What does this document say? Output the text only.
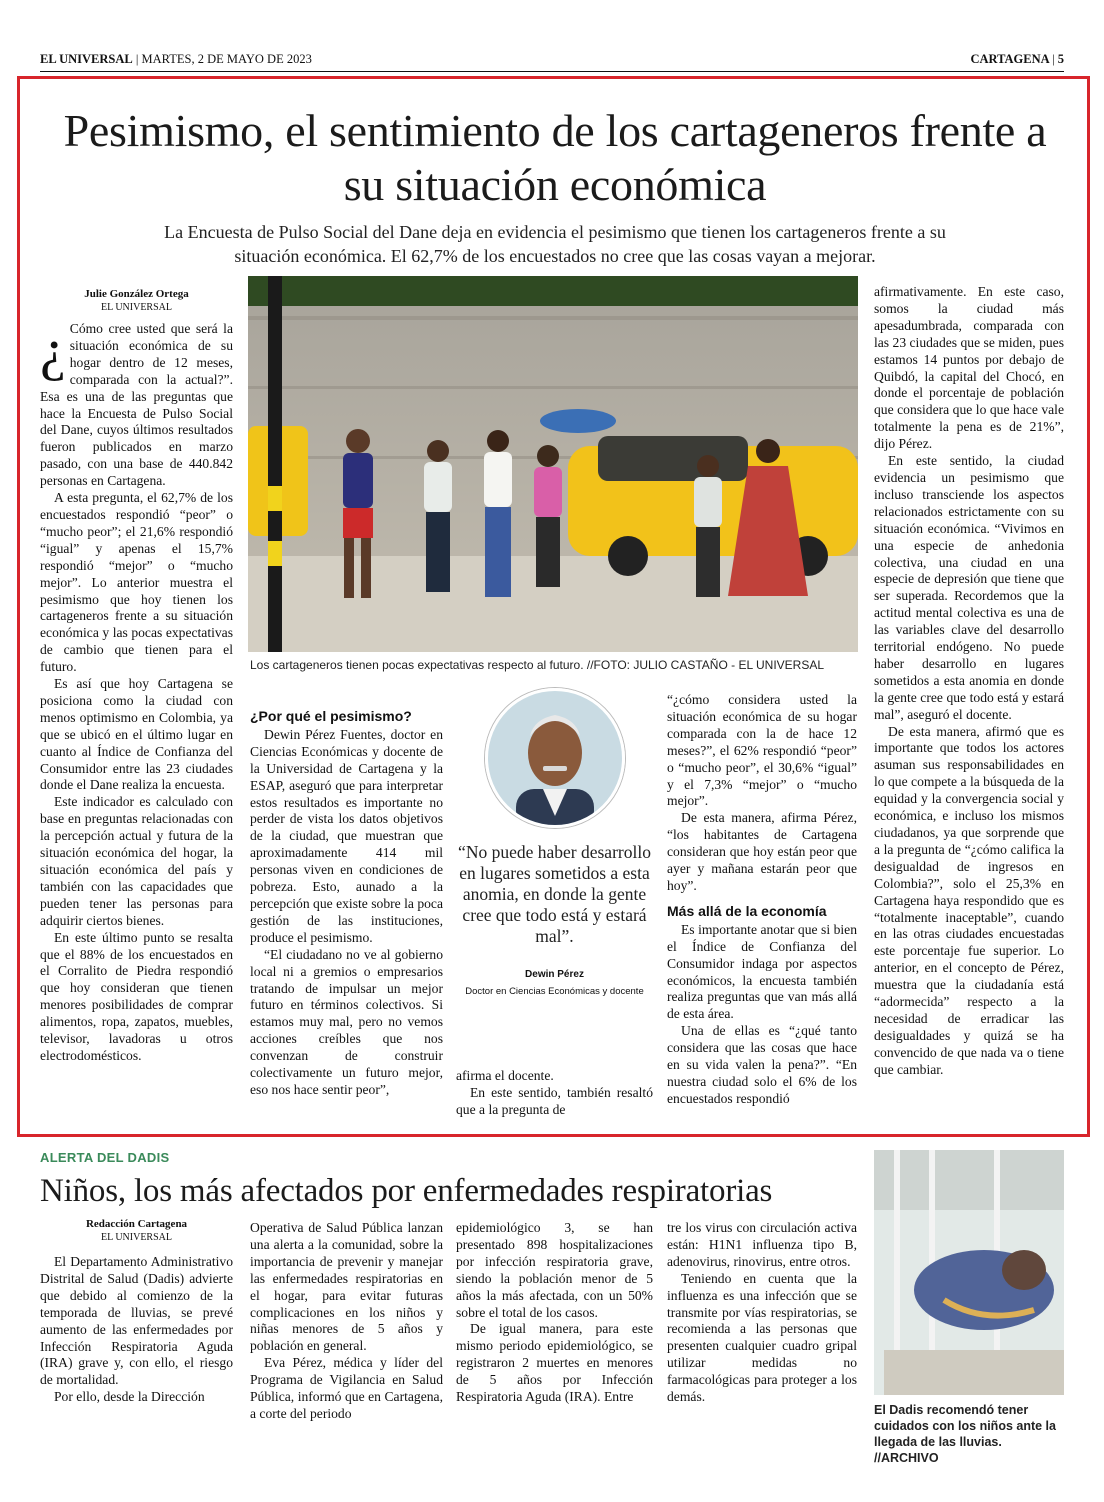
EL UNIVERSAL | MARTES, 2 DE MAYO DE 2023	CARTAGENA | 5
Pesimismo, el sentimiento de los cartageneros frente a su situación económica
La Encuesta de Pulso Social del Dane deja en evidencia el pesimismo que tienen los cartageneros frente a su situación económica. El 62,7% de los encuestados no cree que las cosas vayan a mejorar.
Julie González Ortega
EL UNIVERSAL
¿ Cómo cree usted que será la situación económica de su hogar dentro de 12 meses, comparada con la actual?”. Esa es una de las preguntas que hace la Encuesta de Pulso Social del Dane, cuyos últimos resultados fueron publicados en marzo pasado, con una base de 440.842 personas en Cartagena.

A esta pregunta, el 62,7% de los encuestados respondió “peor” o “mucho peor”; el 21,6% respondió “igual” y apenas el 15,7% respondió “mejor” o “mucho mejor”. Lo anterior muestra el pesimismo que hoy tienen los cartageneros frente a su situación económica y las pocas expectativas de cambio que tienen para el futuro.

Es así que hoy Cartagena se posiciona como la ciudad con menos optimismo en Colombia, ya que se ubicó en el último lugar en cuanto al Índice de Confianza del Consumidor entre las 23 ciudades donde el Dane realiza la encuesta.

Este indicador es calculado con base en preguntas relacionadas con la percepción actual y futura de la situación económica del hogar, la situación económica del país y también con las capacidades que pueden tener las personas para adquirir ciertos bienes.

En este último punto se resalta que el 88% de los encuestados en el Corralito de Piedra respondió que hoy consideran que tienen menores posibilidades de comprar alimentos, ropa, zapatos, muebles, televisor, lavadoras u otros electrodomésticos.

Los cartageneros tienen pocas expectativas respecto al futuro. //FOTO: JULIO CASTAÑO - EL UNIVERSAL
¿Por qué el pesimismo?

Dewin Pérez Fuentes, doctor en Ciencias Económicas y docente de la Universidad de Cartagena y la ESAP, aseguró que para interpretar estos resultados es importante no perder de vista los datos objetivos de la ciudad, que muestran que aproximadamente 414 mil personas viven en condiciones de pobreza. Esto, aunado a la percepción que existe sobre la poca gestión de las instituciones, produce el pesimismo.

“El ciudadano no ve al gobierno local ni a gremios o empresarios tratando de impulsar un mejor futuro en términos colectivos. Si estamos muy mal, pero no vemos acciones creíbles que nos convenzan de construir colectivamente un futuro mejor, eso nos hace sentir peor”,

“No puede haber desarrollo en lugares sometidos a esta anomia, en donde la gente cree que todo está y estará mal”.
Dewin Pérez
Doctor en Ciencias Económicas y docente

afirma el docente.

En este sentido, también resaltó que a la pregunta de

“¿cómo considera usted la situación económica de su hogar comparada con la de hace 12 meses?”, el 62% respondió “peor” o “mucho peor”, el 30,6% “igual” y el 7,3% “mejor” o “mucho mejor”.

De esta manera, afirma Pérez, “los habitantes de Cartagena consideran que hoy están peor que ayer y mañana estarán peor que hoy”.

Más allá de la economía

Es importante anotar que si bien el Índice de Confianza del Consumidor indaga por aspectos económicos, la encuesta también realiza preguntas que van más allá de esta área.

Una de ellas es “¿qué tanto considera que las cosas que hace en su vida valen la pena?”. “En nuestra ciudad solo el 6% de los encuestados respondió

afirmativamente. En este caso, somos la ciudad más apesadumbrada, comparada con las 23 ciudades que se miden, pues estamos 14 puntos por debajo de Quibdó, la capital del Chocó, en donde el porcentaje de población que considera que lo que hace vale totalmente la pena es de 21%”, dijo Pérez.

En este sentido, la ciudad evidencia un pesimismo que incluso transciende los aspectos relacionados estrictamente con su situación económica. “Vivimos en una especie de anhedonia colectiva, una ciudad en una especie de depresión que tiene que ser superada. Recordemos que la actitud mental colectiva es una de las variables clave del desarrollo territorial endógeno. No puede haber desarrollo en lugares sometidos a esta anomia en donde la gente cree que todo está y estará mal”, aseguró el docente.

De esta manera, afirmó que es importante que todos los actores asuman sus responsabilidades en lo que compete a la búsqueda de la equidad y la convergencia social y económica, e incluso los mismos ciudadanos, ya que sorprende que a la pregunta de “¿cómo califica la desigualdad de ingresos en Colombia?”, solo el 25,3% en Cartagena haya respondido que es “totalmente inaceptable”, cuando en las otras ciudades encuestadas este porcentaje fue superior. Lo anterior, en el concepto de Pérez, muestra que la ciudadanía está “adormecida” respecto a la necesidad de erradicar las desigualdades y quizá se ha convencido de que nada va o tiene que cambiar.

ALERTA DEL DADIS
Niños, los más afectados por enfermedades respiratorias
Redacción Cartagena
EL UNIVERSAL

El Departamento Administrativo Distrital de Salud (Dadis) advierte que debido al comienzo de la temporada de lluvias, se prevé aumento de las enfermedades por Infección Respiratoria Aguda (IRA) grave y, con ello, el riesgo de mortalidad.

Por ello, desde la Dirección

Operativa de Salud Pública lanzan una alerta a la comunidad, sobre la importancia de prevenir y manejar las enfermedades respiratorias en el hogar, para evitar futuras complicaciones en los niños y niñas menores de 5 años y población en general.

Eva Pérez, médica y líder del Programa de Vigilancia en Salud Pública, informó que en Cartagena, a corte del periodo

epidemiológico 3, se han presentado 898 hospitalizaciones por infección respiratoria grave, siendo la población menor de 5 años la más afectada, con un 50% sobre el total de los casos.

De igual manera, para este mismo periodo epidemiológico, se registraron 2 muertes en menores de 5 años por Infección Respiratoria Aguda (IRA). Entre

tre los virus con circulación activa están: H1N1 influenza tipo B, adenovirus, rinovirus, entre otros.

Teniendo en cuenta que la influenza es una infección que se transmite por vías respiratorias, se recomienda a las personas que presenten cualquier cuadro gripal utilizar medidas no farmacológicas para proteger a los demás.

El Dadis recomendó tener cuidados con los niños ante la llegada de las lluvias. //ARCHIVO
